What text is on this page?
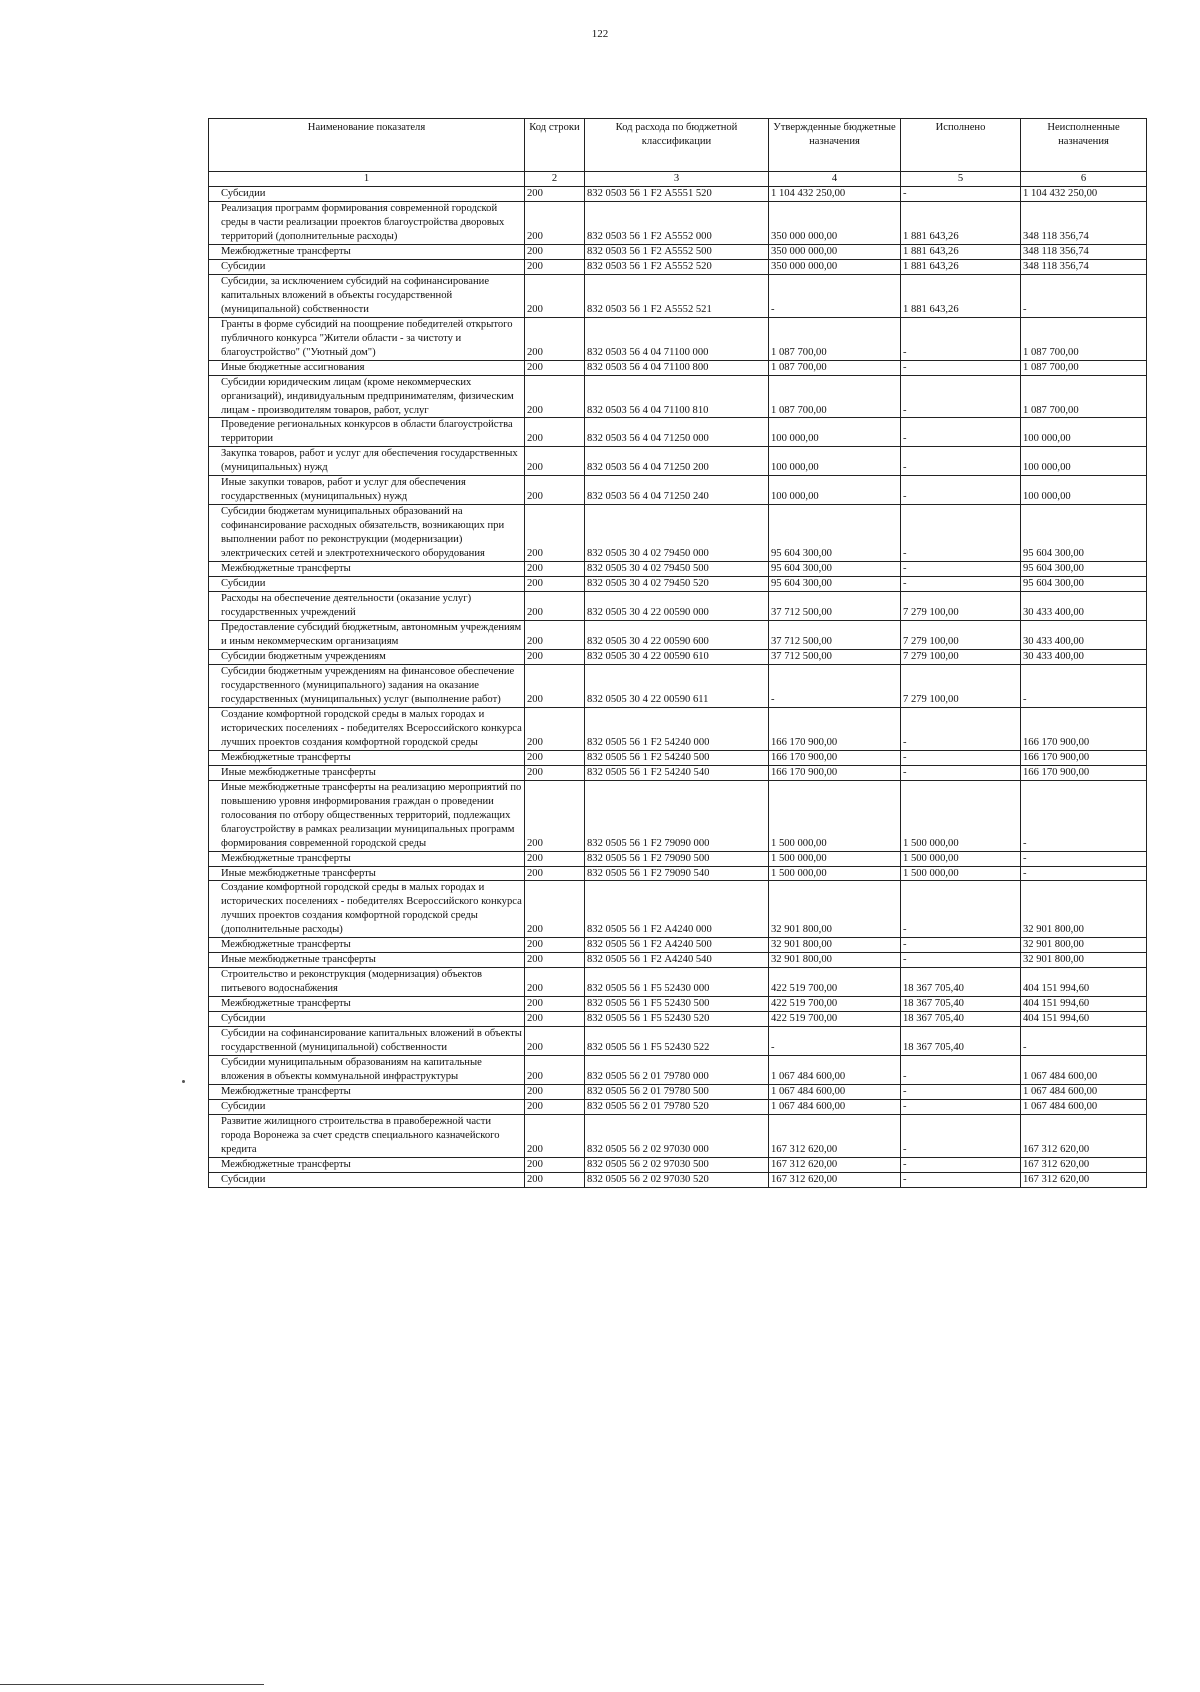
122
Наименование показателя	Код строки	Код расхода по бюджетной классификации	Утвержденные бюджетные назначения	Исполнено	Неисполненные назначения
1	2	3	4	5	6

Субсидии	200	832 0503 56 1 F2 А5551 520	1 104 432 250,00	-	1 104 432 250,00

Реализация программ формирования современной городской среды в части реализации проектов благоустройства дворовых территорий (дополнительные расходы)	200	832 0503 56 1 F2 А5552 000	350 000 000,00	1 881 643,26	348 118 356,74

Межбюджетные трансферты	200	832 0503 56 1 F2 А5552 500	350 000 000,00	1 881 643,26	348 118 356,74

Субсидии	200	832 0503 56 1 F2 А5552 520	350 000 000,00	1 881 643,26	348 118 356,74

Субсидии, за исключением субсидий на софинансирование капитальных вложений в объекты государственной (муниципальной) собственности	200	832 0503 56 1 F2 А5552 521	-	1 881 643,26	-

Гранты в форме субсидий на поощрение победителей открытого публичного конкурса "Жители области - за чистоту и благоустройство" ("Уютный дом")	200	832 0503 56 4 04 71100 000	1 087 700,00	-	1 087 700,00

Иные бюджетные ассигнования	200	832 0503 56 4 04 71100 800	1 087 700,00	-	1 087 700,00

Субсидии юридическим лицам (кроме некоммерческих организаций), индивидуальным предпринимателям, физическим лицам - производителям товаров, работ, услуг	200	832 0503 56 4 04 71100 810	1 087 700,00	-	1 087 700,00

Проведение региональных конкурсов в области благоустройства территории	200	832 0503 56 4 04 71250 000	100 000,00	-	100 000,00

Закупка товаров, работ и услуг для обеспечения государственных (муниципальных) нужд	200	832 0503 56 4 04 71250 200	100 000,00	-	100 000,00

Иные закупки товаров, работ и услуг для обеспечения государственных (муниципальных) нужд	200	832 0503 56 4 04 71250 240	100 000,00	-	100 000,00

Субсидии бюджетам муниципальных образований на софинансирование расходных обязательств, возникающих при выполнении работ по реконструкции (модернизации) электрических сетей и электротехнического оборудования	200	832 0505 30 4 02 79450 000	95 604 300,00	-	95 604 300,00

Межбюджетные трансферты	200	832 0505 30 4 02 79450 500	95 604 300,00	-	95 604 300,00

Субсидии	200	832 0505 30 4 02 79450 520	95 604 300,00	-	95 604 300,00

Расходы на обеспечение деятельности (оказание услуг) государственных учреждений	200	832 0505 30 4 22 00590 000	37 712 500,00	7 279 100,00	30 433 400,00

Предоставление субсидий бюджетным, автономным учреждениям и иным некоммерческим организациям	200	832 0505 30 4 22 00590 600	37 712 500,00	7 279 100,00	30 433 400,00

Субсидии бюджетным учреждениям	200	832 0505 30 4 22 00590 610	37 712 500,00	7 279 100,00	30 433 400,00

Субсидии бюджетным учреждениям на финансовое обеспечение государственного (муниципального) задания на оказание государственных (муниципальных) услуг (выполнение работ)	200	832 0505 30 4 22 00590 611	-	7 279 100,00	-

Создание комфортной городской среды в малых городах и исторических поселениях - победителях Всероссийского конкурса лучших проектов создания комфортной городской среды	200	832 0505 56 1 F2 54240 000	166 170 900,00	-	166 170 900,00

Межбюджетные трансферты	200	832 0505 56 1 F2 54240 500	166 170 900,00	-	166 170 900,00

Иные межбюджетные трансферты	200	832 0505 56 1 F2 54240 540	166 170 900,00	-	166 170 900,00

Иные межбюджетные трансферты на реализацию мероприятий по повышению уровня информирования граждан о проведении голосования по отбору общественных территорий, подлежащих благоустройству в рамках реализации муниципальных программ формирования современной городской среды	200	832 0505 56 1 F2 79090 000	1 500 000,00	1 500 000,00	-

Межбюджетные трансферты	200	832 0505 56 1 F2 79090 500	1 500 000,00	1 500 000,00	-

Иные межбюджетные трансферты	200	832 0505 56 1 F2 79090 540	1 500 000,00	1 500 000,00	-

Создание комфортной городской среды в малых городах и исторических поселениях - победителях Всероссийского конкурса лучших проектов создания комфортной городской среды (дополнительные расходы)	200	832 0505 56 1 F2 А4240 000	32 901 800,00	-	32 901 800,00

Межбюджетные трансферты	200	832 0505 56 1 F2 А4240 500	32 901 800,00	-	32 901 800,00

Иные межбюджетные трансферты	200	832 0505 56 1 F2 А4240 540	32 901 800,00	-	32 901 800,00

Строительство и реконструкция (модернизация) объектов питьевого водоснабжения	200	832 0505 56 1 F5 52430 000	422 519 700,00	18 367 705,40	404 151 994,60

Межбюджетные трансферты	200	832 0505 56 1 F5 52430 500	422 519 700,00	18 367 705,40	404 151 994,60

Субсидии	200	832 0505 56 1 F5 52430 520	422 519 700,00	18 367 705,40	404 151 994,60

Субсидии на софинансирование капитальных вложений в объекты государственной (муниципальной) собственности	200	832 0505 56 1 F5 52430 522	-	18 367 705,40	-

Субсидии муниципальным образованиям на капитальные вложения в объекты коммунальной инфраструктуры	200	832 0505 56 2 01 79780 000	1 067 484 600,00	-	1 067 484 600,00

Межбюджетные трансферты	200	832 0505 56 2 01 79780 500	1 067 484 600,00	-	1 067 484 600,00

Субсидии	200	832 0505 56 2 01 79780 520	1 067 484 600,00	-	1 067 484 600,00

Развитие жилищного строительства в правобережной части города Воронежа за счет средств специального казначейского кредита	200	832 0505 56 2 02 97030 000	167 312 620,00	-	167 312 620,00

Межбюджетные трансферты	200	832 0505 56 2 02 97030 500	167 312 620,00	-	167 312 620,00

Субсидии	200	832 0505 56 2 02 97030 520	167 312 620,00	-	167 312 620,00
